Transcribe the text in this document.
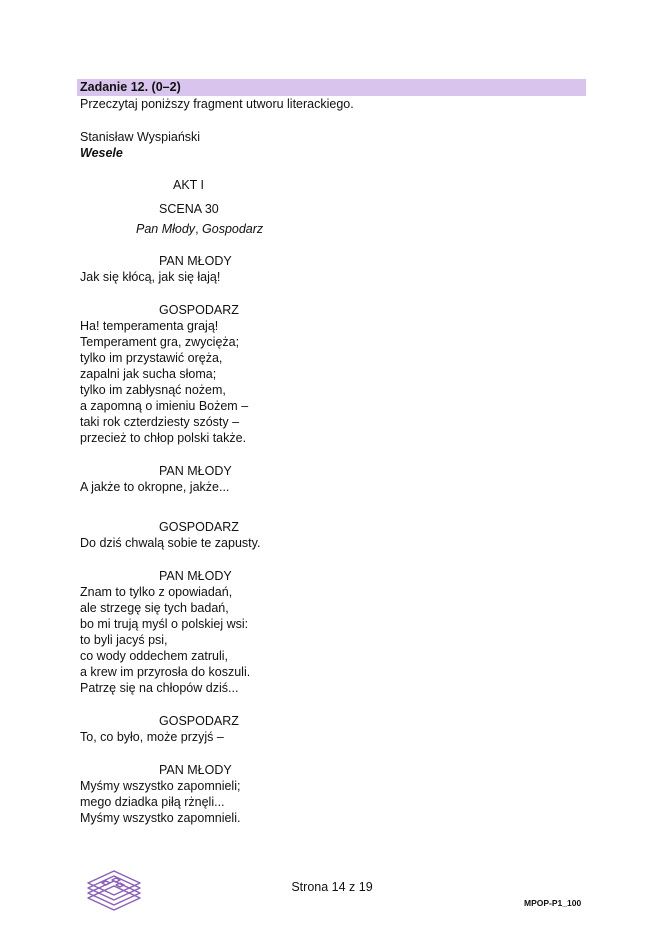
Zadanie 12. (0–2)
Przeczytaj poniższy fragment utworu literackiego.
Stanisław Wyspiański
Wesele
AKT I
SCENA 30
Pan Młody, Gospodarz
PAN MŁODY
Jak się kłócą, jak się łają!
GOSPODARZ
Ha! temperamenta grają!
Temperament gra, zwycięża;
tylko im przystawić oręża,
zapalni jak sucha słoma;
tylko im zabłysnąć nożem,
a zapomną o imieniu Bożem –
taki rok czterdziesty szósty –
przecież to chłop polski także.
PAN MŁODY
A jakże to okropne, jakże...
GOSPODARZ
Do dziś chwalą sobie te zapusty.
PAN MŁODY
Znam to tylko z opowiadań,
ale strzegę się tych badań,
bo mi trują myśl o polskiej wsi:
to byli jacyś psi,
co wody oddechem zatruli,
a krew im przyrosła do koszuli.
Patrzę się na chłopów dziś...
GOSPODARZ
To, co było, może przyjś –
PAN MŁODY
Myśmy wszystko zapomnieli;
mego dziadka piłą rżnęli...
Myśmy wszystko zapomnieli.
Strona 14 z 19
MPOP-P1_100
